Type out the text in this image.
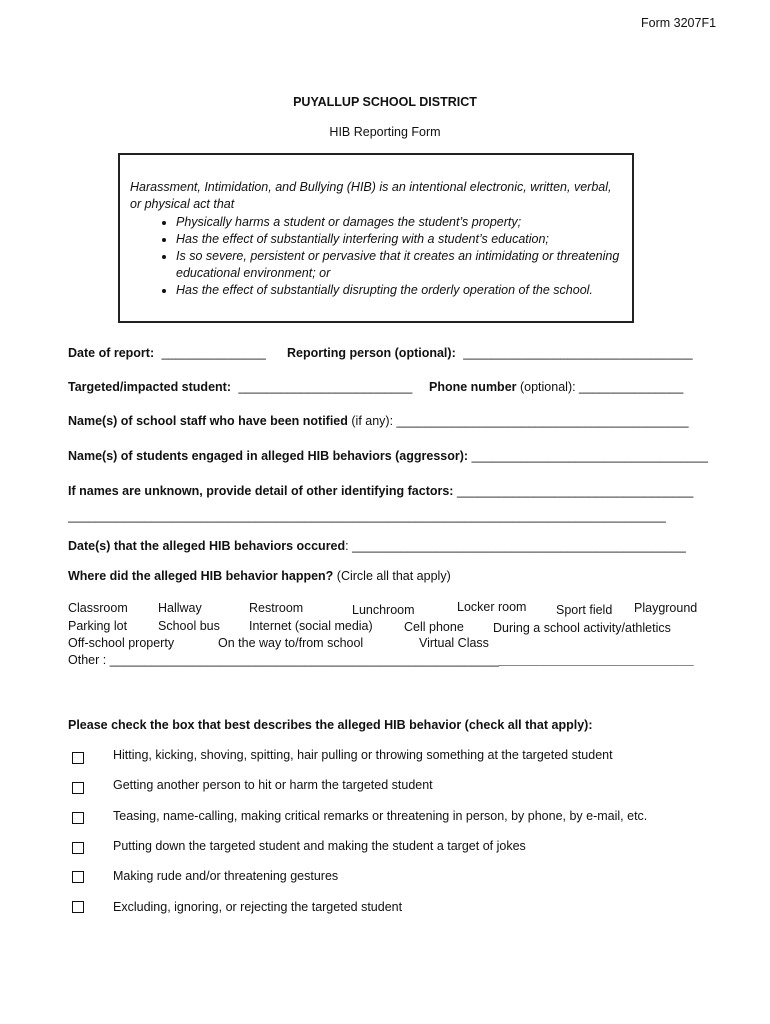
Form 3207F1
PUYALLUP SCHOOL DISTRICT
HIB Reporting Form
Harassment, Intimidation, and Bullying (HIB) is an intentional electronic, written, verbal, or physical act that
• Physically harms a student or damages the student’s property;
• Has the effect of substantially interfering with a student’s education;
• Is so severe, persistent or pervasive that it creates an intimidating or threatening educational environment; or
• Has the effect of substantially disrupting the orderly operation of the school.
Date of report: _______________ Reporting person (optional): _________________________________
Targeted/impacted student: _________________________ Phone number (optional): _______________
Name(s) of school staff who have been notified (if any): __________________________________________
Name(s) of students engaged in alleged HIB behaviors (aggressor): __________________________________
If names are unknown, provide detail of other identifying factors: __________________________________
______________________________________________________________________________________
Date(s) that the alleged HIB behaviors occured: ________________________________________________
Where did the alleged HIB behavior happen? (Circle all that apply)
Classroom Hallway	Restroom	Lunchroom	Locker room Sport field Playground
Parking lot School bus Internet (social media)	Cell phone During a school activity/athletics
Off-school property	On the way to/from school	Virtual Class
Other : ____________________________________________________________________________________
Please check the box that best describes the alleged HIB behavior (check all that apply):
Hitting, kicking, shoving, spitting, hair pulling or throwing something at the targeted student
Getting another person to hit or harm the targeted student
Teasing, name-calling, making critical remarks or threatening in person, by phone, by e-mail, etc.
Putting down the targeted student and making the student a target of jokes
Making rude and/or threatening gestures
Excluding, ignoring, or rejecting the targeted student
